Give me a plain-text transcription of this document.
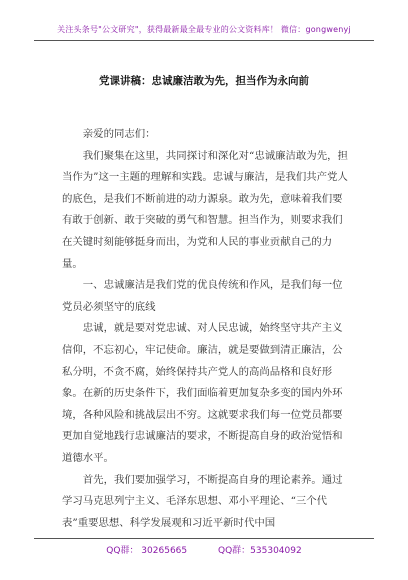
关注头条号"公文研究"，获得最新最全最专业的公文资料库！ 微信：gongwenyj
党课讲稿：忠诚廉洁敢为先，担当作为永向前

亲爱的同志们：

我们聚集在这里，共同探讨和深化对“忠诚廉洁敢为先，担当作为”这一主题的理解和实践。忠诚与廉洁，是我们共产党人的底色，是我们不断前进的动力源泉。敢为先，意味着我们要有敢于创新、敢于突破的勇气和智慧。担当作为，则要求我们在关键时刻能够挺身而出，为党和人民的事业贡献自己的力量。

一、忠诚廉洁是我们党的优良传统和作风，是我们每一位党员必须坚守的底线

忠诚，就是要对党忠诚、对人民忠诚，始终坚守共产主义信仰，不忘初心，牢记使命。廉洁，就是要做到清正廉洁，公私分明，不贪不腐，始终保持共产党人的高尚品格和良好形象。在新的历史条件下，我们面临着更加复杂多变的国内外环境，各种风险和挑战层出不穷。这就要求我们每一位党员都要更加自觉地践行忠诚廉洁的要求，不断提高自身的政治觉悟和道德水平。

首先，我们要加强学习，不断提高自身的理论素养。通过学习马克思列宁主义、毛泽东思想、邓小平理论、“三个代表”重要思想、科学发展观和习近平新时代中国

QQ群： 30265665	QQ群：535304092
